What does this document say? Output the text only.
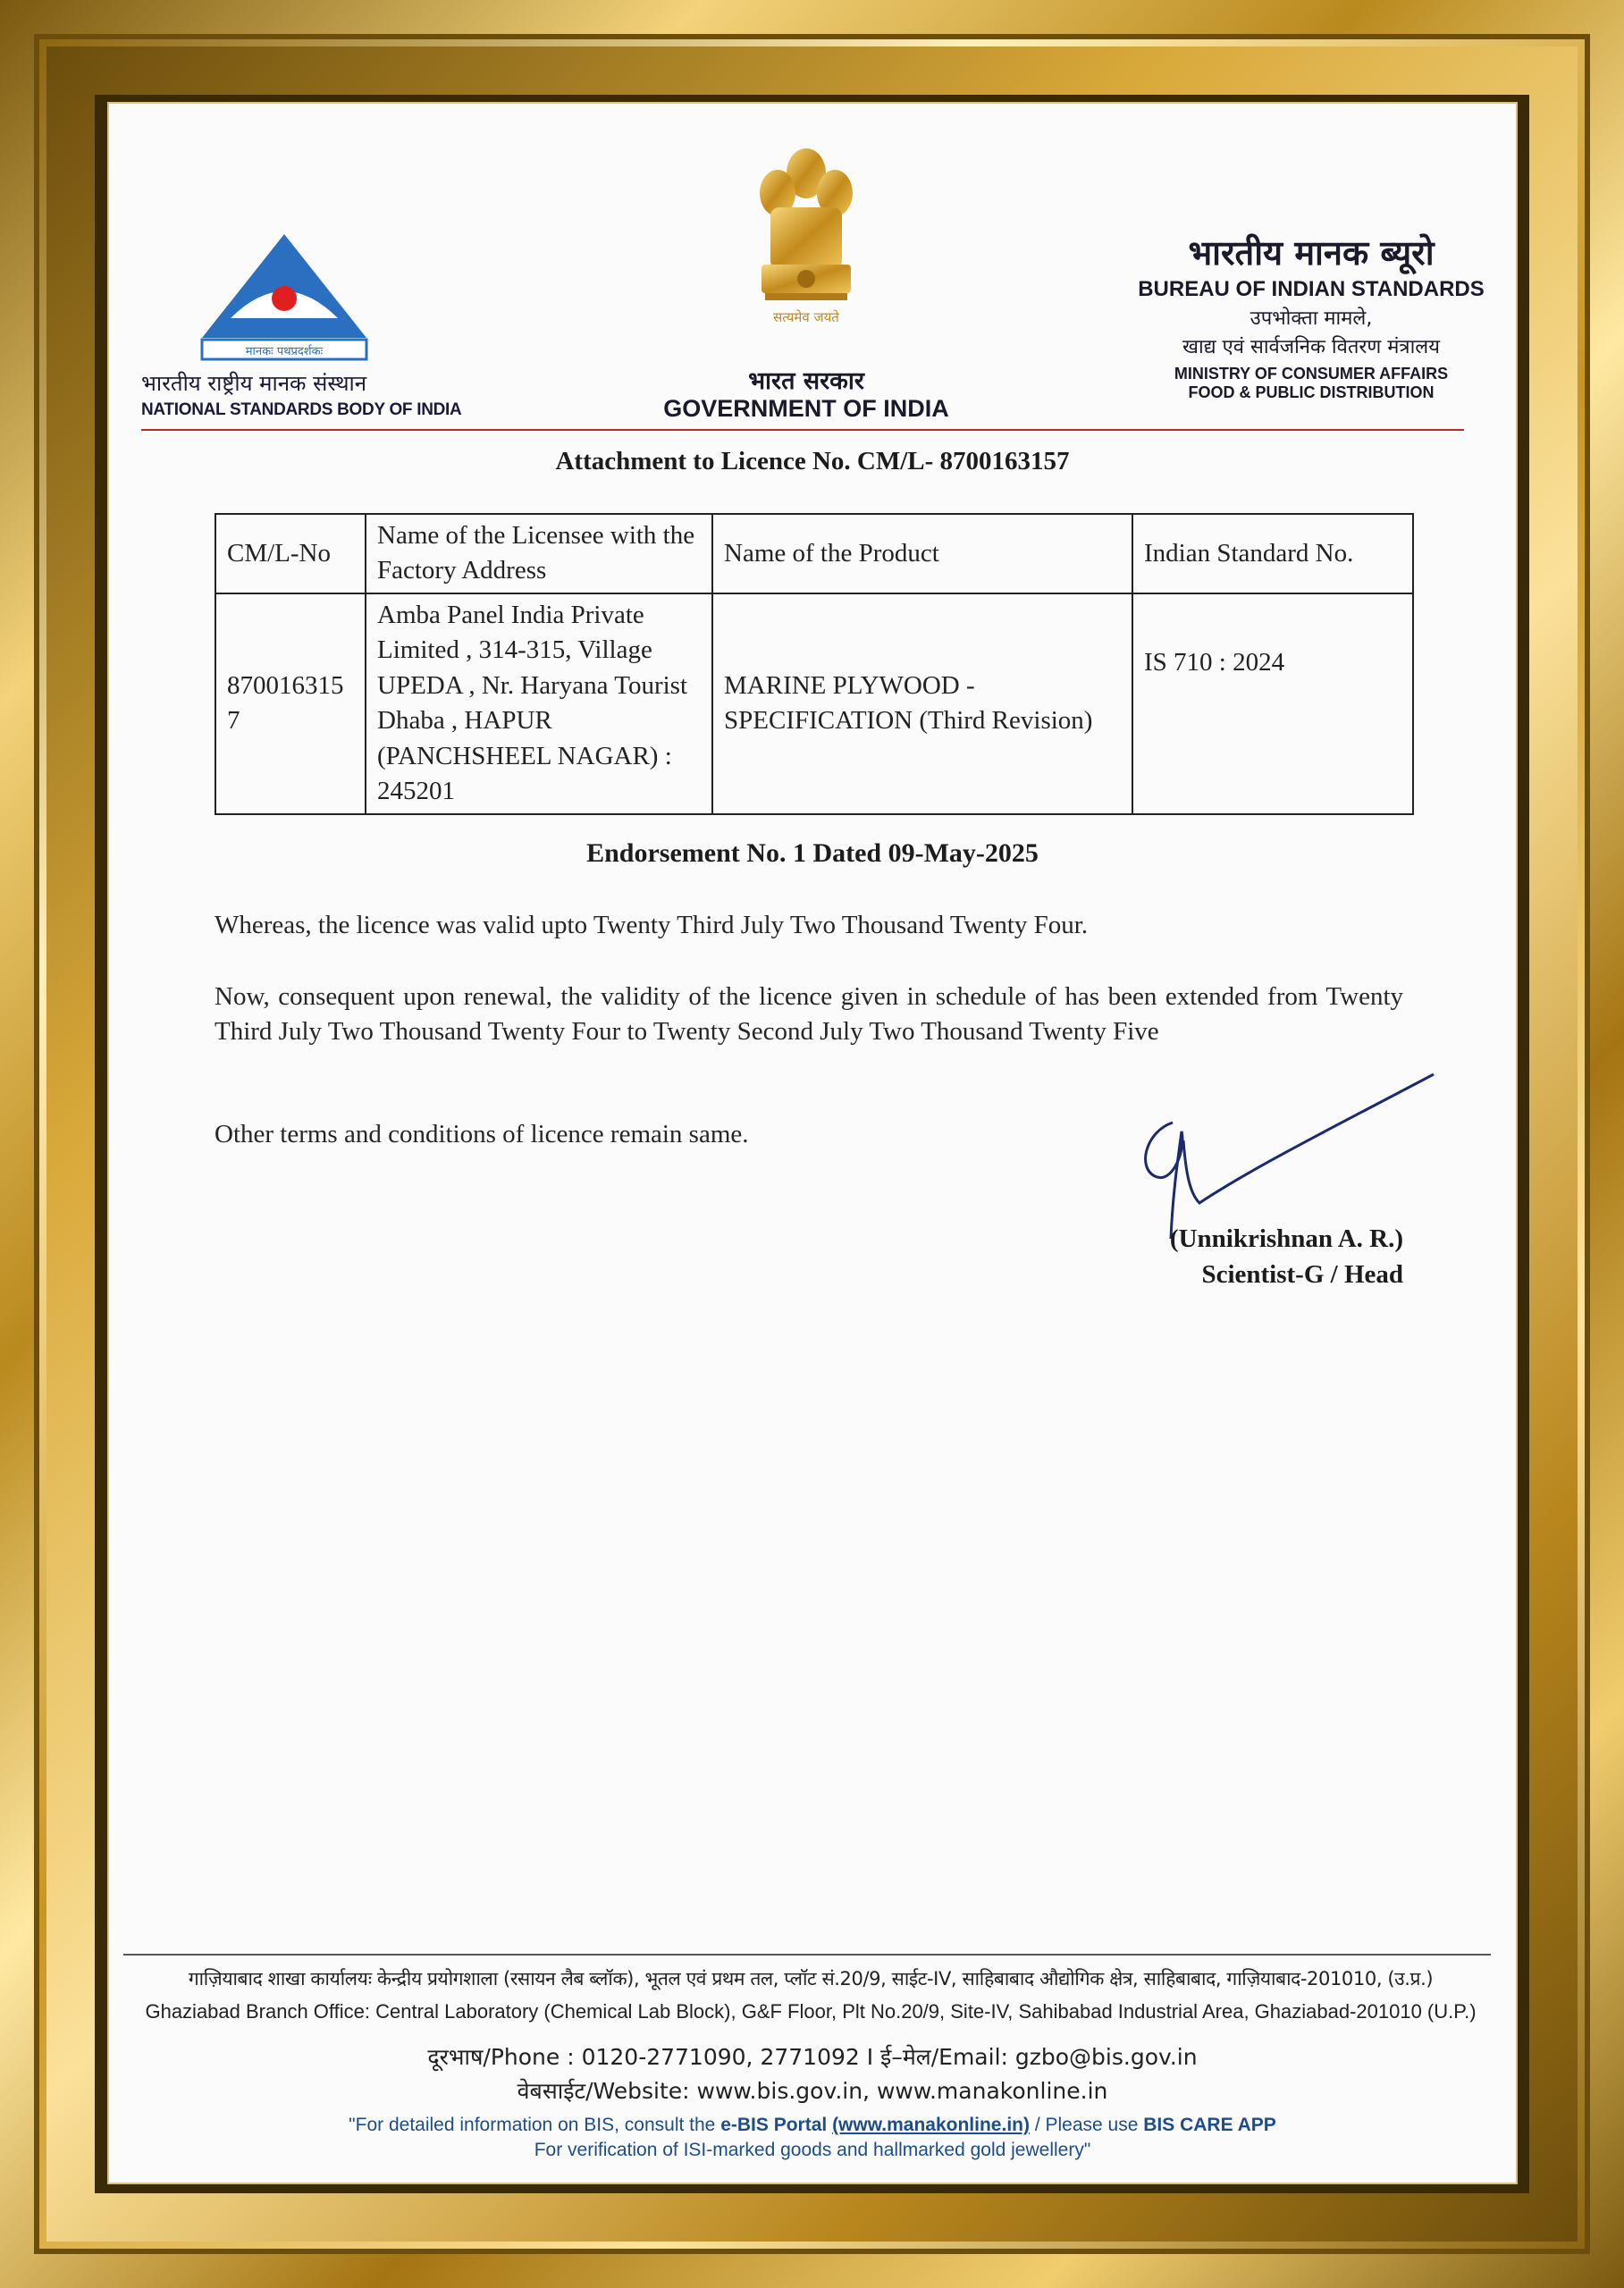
मानकः पथप्रदर्शकः
भारतीय राष्ट्रीय मानक संस्थान
NATIONAL STANDARDS BODY OF INDIA
सत्यमेव जयते
भारत सरकार
GOVERNMENT OF INDIA
भारतीय मानक ब्यूरो
BUREAU OF INDIAN STANDARDS
उपभोक्ता मामले,
खाद्य एवं सार्वजनिक वितरण मंत्रालय
MINISTRY OF CONSUMER AFFAIRS
FOOD & PUBLIC DISTRIBUTION
Attachment to Licence No. CM/L- 8700163157
CM/L-No	Name of the Licensee with the Factory Address	Name of the Product	Indian Standard No.
8700163157	Amba Panel India Private Limited , 314-315, Village UPEDA , Nr. Haryana Tourist Dhaba , HAPUR (PANCHSHEEL NAGAR) : 245201	MARINE PLYWOOD - SPECIFICATION (Third Revision)	IS 710 : 2024
Endorsement No. 1 Dated 09-May-2025
Whereas, the licence was valid upto Twenty Third July Two Thousand Twenty Four.
Now, consequent upon renewal, the validity of the licence given in schedule of has been extended from Twenty Third July Two Thousand Twenty Four to Twenty Second July Two Thousand Twenty Five
Other terms and conditions of licence remain same.
(Unnikrishnan A. R.)
Scientist-G / Head
गाज़ियाबाद शाखा कार्यालयः केन्द्रीय प्रयोगशाला (रसायन लैब ब्लॉक), भूतल एवं प्रथम तल, प्लॉट सं.20/9, साईट-IV, साहिबाबाद औद्योगिक क्षेत्र, साहिबाबाद, गाज़ियाबाद-201010, (उ.प्र.)
Ghaziabad Branch Office: Central Laboratory (Chemical Lab Block), G&F Floor, Plt No.20/9, Site-IV, Sahibabad Industrial Area, Ghaziabad-201010 (U.P.)
दूरभाष/Phone : 0120-2771090, 2771092 I ई–मेल/Email: gzbo@bis.gov.in
वेबसाईट/Website: www.bis.gov.in, www.manakonline.in
"For detailed information on BIS, consult the e-BIS Portal (www.manakonline.in) / Please use BIS CARE APP
For verification of ISI-marked goods and hallmarked gold jewellery"
